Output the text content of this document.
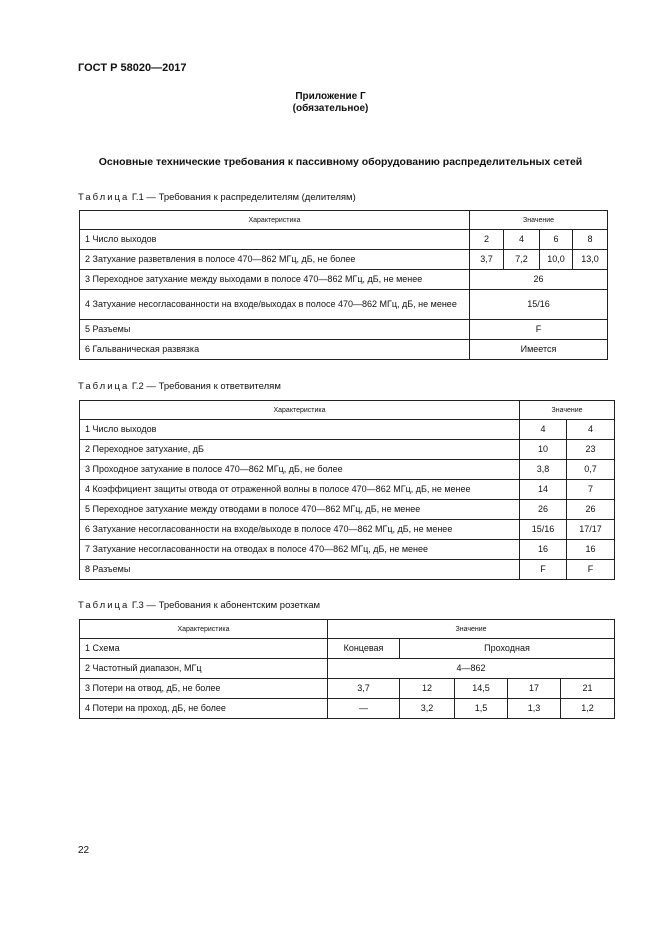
ГОСТ Р 58020—2017
Приложение Г
(обязательное)
Основные технические требования к пассивному оборудованию распределительных сетей
Таблица Г.1 — Требования к распределителям (делителям)
Характеристика	Значение			
1 Число выходов	2	4	6	8
2 Затухание разветвления в полосе 470—862 МГц, дБ, не более	3,7	7,2	10,0	13,0
3 Переходное затухание между выходами в полосе 470—862 МГц, дБ, не менее	26			
4 Затухание несогласованности на входе/выходах в полосе 470—862 МГц, дБ, не менее	15/16			
5 Разъемы	F			
6 Гальваническая развязка	Имеется			
Таблица Г.2 — Требования к ответвителям
Характеристика	Значение	
1 Число выходов	4	4
2 Переходное затухание, дБ	10	23
3 Проходное затухание в полосе 470—862 МГц, дБ, не более	3,8	0,7
4 Коэффициент защиты отвода от отраженной волны в полосе 470—862 МГц, дБ, не менее	14	7
5 Переходное затухание между отводами в полосе 470—862 МГц, дБ, не менее	26	26
6 Затухание несогласованности на входе/выходе в полосе 470—862 МГц, дБ, не менее	15/16	17/17
7 Затухание несогласованности на отводах в полосе 470—862 МГц, дБ, не менее	16	16
8 Разъемы	F	F
Таблица Г.3 — Требования к абонентским розеткам
Характеристика	Значение				
1 Схема	Концевая	Проходная			
2 Частотный диапазон, МГц	4—862				
3 Потери на отвод, дБ, не более	3,7	12	14,5	17	21
4 Потери на проход, дБ, не более	—	3,2	1,5	1,3	1,2
22
